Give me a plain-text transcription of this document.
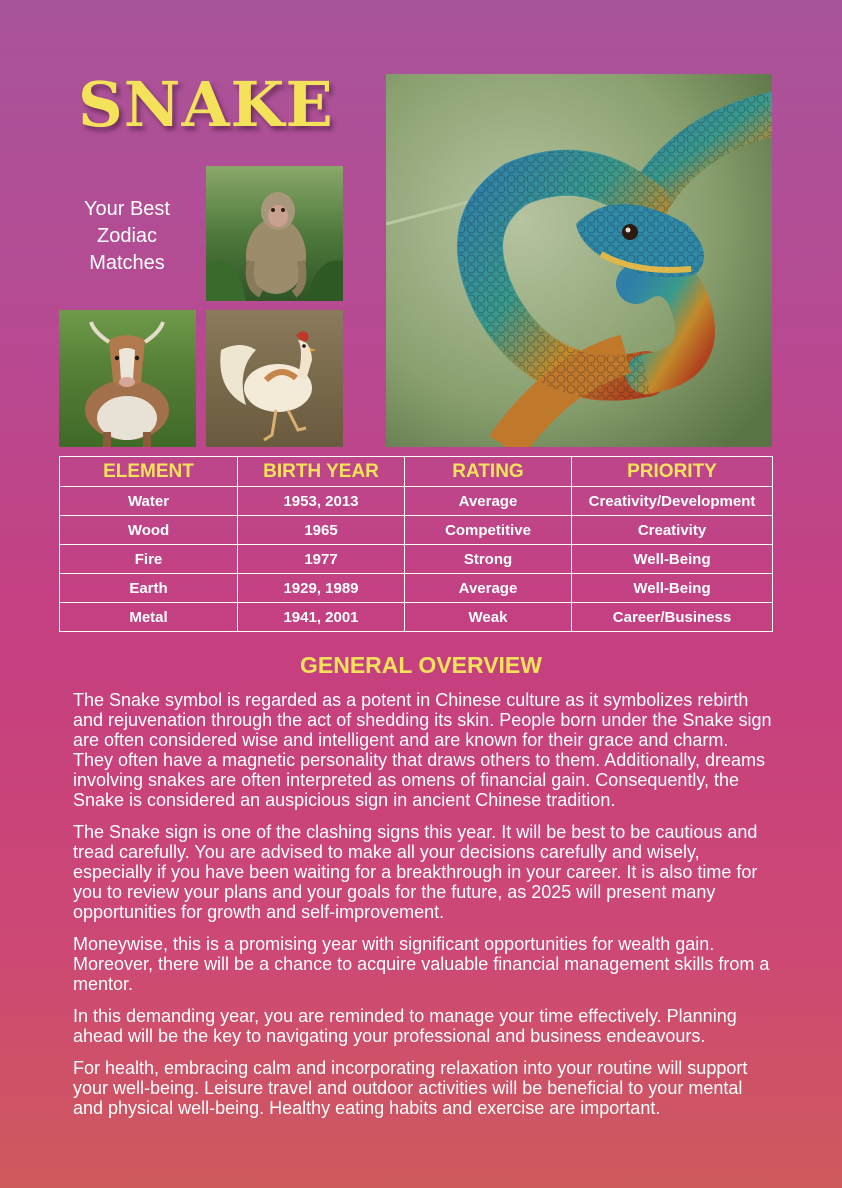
SNAKE
Your Best Zodiac Matches
ELEMENT	BIRTH YEAR	RATING	PRIORITY
Water	1953, 2013	Average	Creativity/Development
Wood	1965	Competitive	Creativity
Fire	1977	Strong	Well-Being
Earth	1929, 1989	Average	Well-Being
Metal	1941, 2001	Weak	Career/Business
GENERAL OVERVIEW

The Snake symbol is regarded as a potent in Chinese culture as it symbolizes rebirth and rejuvenation through the act of shedding its skin. People born under the Snake sign are often considered wise and intelligent and are known for their grace and charm. They often have a magnetic personality that draws others to them. Additionally, dreams involving snakes are often interpreted as omens of financial gain. Consequently, the Snake is considered an auspicious sign in ancient Chinese tradition.

The Snake sign is one of the clashing signs this year. It will be best to be cautious and tread carefully. You are advised to make all your decisions carefully and wisely, especially if you have been waiting for a breakthrough in your career. It is also time for you to review your plans and your goals for the future, as 2025 will present many opportunities for growth and self-improvement.

Moneywise, this is a promising year with significant opportunities for wealth gain. Moreover, there will be a chance to acquire valuable financial management skills from a mentor.

In this demanding year, you are reminded to manage your time effectively. Planning ahead will be the key to navigating your professional and business endeavours.

For health, embracing calm and incorporating relaxation into your routine will support your well-being. Leisure travel and outdoor activities will be beneficial to your mental and physical well-being. Healthy eating habits and exercise are important.
